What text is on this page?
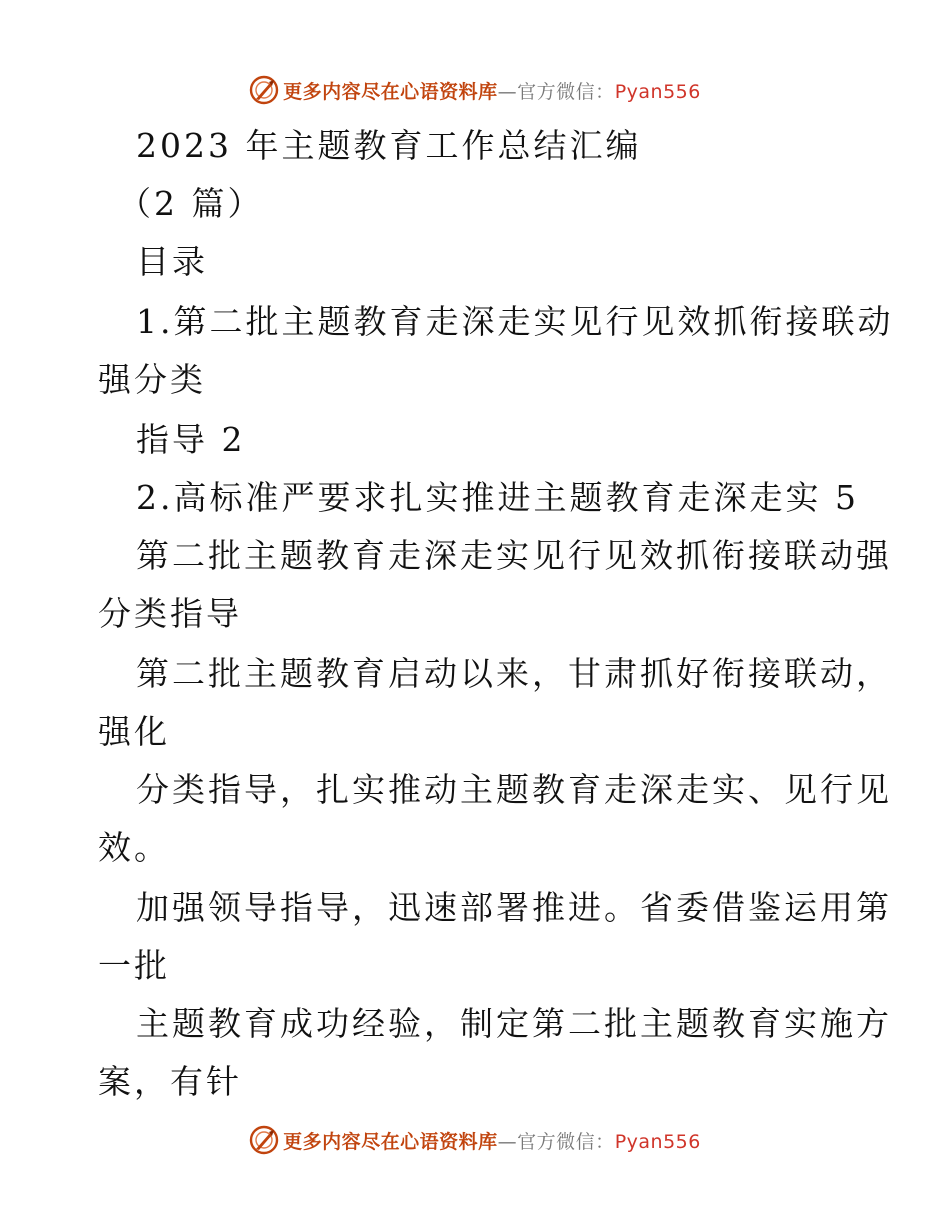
更多内容尽在心语资料库—官方微信：Pyan556
2023 年主题教育工作总结汇编
（2 篇）
目录
1.第二批主题教育走深走实见行见效抓衔接联动
强分类
指导 2
2.高标准严要求扎实推进主题教育走深走实 5
第二批主题教育走深走实见行见效抓衔接联动强
分类指导
第二批主题教育启动以来，甘肃抓好衔接联动，
强化
分类指导，扎实推动主题教育走深走实、见行见
效。
加强领导指导，迅速部署推进。省委借鉴运用第
一批
主题教育成功经验，制定第二批主题教育实施方
案，有针
更多内容尽在心语资料库—官方微信：Pyan556
